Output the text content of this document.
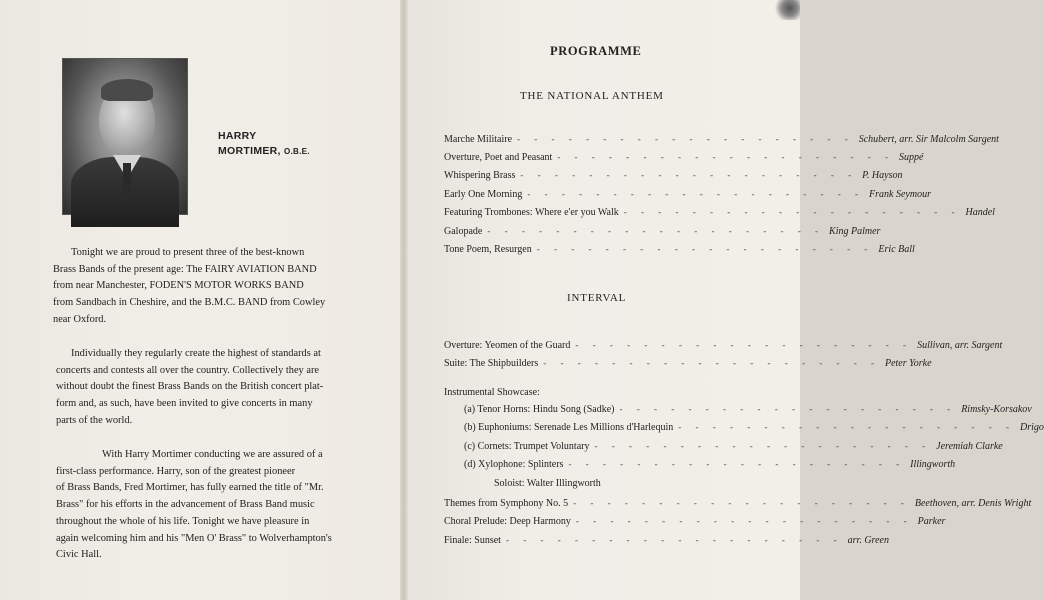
HARRY
MORTIMER, O.B.E.
Tonight we are proud to present three of the best-known
Brass Bands of the present age: The FAIRY AVIATION BAND
from near Manchester, FODEN'S MOTOR WORKS BAND
from Sandbach in Cheshire, and the B.M.C. BAND from Cowley
near Oxford.
Individually they regularly create the highest of standards at
concerts and contests all over the country. Collectively they are
without doubt the finest Brass Bands on the British concert plat-
form and, as such, have been invited to give concerts in many
parts of the world.
With Harry Mortimer conducting we are assured of a
first-class performance. Harry, son of the greatest pioneer
of Brass Bands, Fred Mortimer, has fully earned the title of "Mr.
Brass" for his efforts in the advancement of Brass Band music
throughout the whole of his life. Tonight we have pleasure in
again welcoming him and his "Men O' Brass" to Wolverhampton's
Civic Hall.
PROGRAMME
THE NATIONAL ANTHEM
Marche Militaire - - - - - - - - - - - - - - - - - - - - Schubert, arr. Sir Malcolm Sargent
Overture, Poet and Peasant - - - - - - - - - - - - - - - - - - - - Suppé
Whispering Brass - - - - - - - - - - - - - - - - - - - - P. Hayson
Early One Morning - - - - - - - - - - - - - - - - - - - - Frank Seymour
Featuring Trombones: Where e'er you Walk - - - - - - - - - - - - - - - - - - - - Handel
Galopade - - - - - - - - - - - - - - - - - - - - King Palmer
Tone Poem, Resurgen - - - - - - - - - - - - - - - - - - - - Eric Ball
INTERVAL
Overture: Yeomen of the Guard - - - - - - - - - - - - - - - - - - - - Sullivan, arr. Sargent
Suite: The Shipbuilders - - - - - - - - - - - - - - - - - - - - Peter Yorke
Instrumental Showcase:
(a) Tenor Horns: Hindu Song (Sadke) - - - - - - - - - - - - - - - - - - - - Rimsky-Korsakov
(b) Euphoniums: Serenade Les Millions d'Harlequin - - - - - - - - - - - - - - - - - - - - Drigo
(c) Cornets: Trumpet Voluntary - - - - - - - - - - - - - - - - - - - - Jeremiah Clarke
(d) Xylophone: Splinters - - - - - - - - - - - - - - - - - - - - Illingworth
Soloist: Walter Illingworth
Themes from Symphony No. 5 - - - - - - - - - - - - - - - - - - - - Beethoven, arr. Denis Wright
Choral Prelude: Deep Harmony - - - - - - - - - - - - - - - - - - - - Parker
Finale: Sunset - - - - - - - - - - - - - - - - - - - - arr. Green
